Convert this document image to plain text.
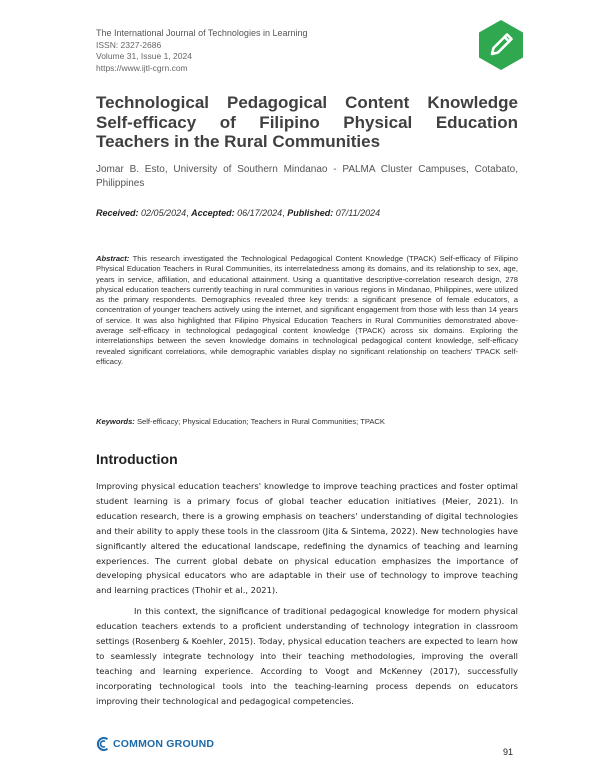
The International Journal of Technologies in Learning
ISSN: 2327-2686
Volume 31, Issue 1, 2024
https://www.ijtl-cgrn.com
Technological Pedagogical Content Knowledge Self-efficacy of Filipino Physical Education Teachers in the Rural Communities
Jomar B. Esto, University of Southern Mindanao - PALMA Cluster Campuses, Cotabato, Philippines
Received: 02/05/2024, Accepted: 06/17/2024, Published: 07/11/2024
Abstract: This research investigated the Technological Pedagogical Content Knowledge (TPACK) Self-efficacy of Filipino Physical Education Teachers in Rural Communities, its interrelatedness among its domains, and its relationship to sex, age, years in service, affiliation, and educational attainment. Using a quantitative descriptive-correlation research design, 278 physical education teachers currently teaching in rural communities in various regions in Mindanao, Philippines, were utilized as the primary respondents. Demographics revealed three key trends: a significant presence of female educators, a concentration of younger teachers actively using the internet, and significant engagement from those with less than 14 years of service. It was also highlighted that Filipino Physical Education Teachers in Rural Communities demonstrated above-average self-efficacy in technological pedagogical content knowledge (TPACK) across six domains. Exploring the interrelationships between the seven knowledge domains in technological pedagogical content knowledge, self-efficacy revealed significant correlations, while demographic variables display no significant relationship on teachers' TPACK self-efficacy.
Keywords: Self-efficacy; Physical Education; Teachers in Rural Communities; TPACK
Introduction

Improving physical education teachers' knowledge to improve teaching practices and foster optimal student learning is a primary focus of global teacher education initiatives (Meier, 2021). In education research, there is a growing emphasis on teachers' understanding of digital technologies and their ability to apply these tools in the classroom (Jita & Sintema, 2022). New technologies have significantly altered the educational landscape, redefining the dynamics of teaching and learning experiences. The current global debate on physical education emphasizes the importance of developing physical educators who are adaptable in their use of technology to improve teaching and learning practices (Thohir et al., 2021).

In this context, the significance of traditional pedagogical knowledge for modern physical education teachers extends to a proficient understanding of technology integration in classroom settings (Rosenberg & Koehler, 2015). Today, physical education teachers are expected to learn how to seamlessly integrate technology into their teaching methodologies, improving the overall teaching and learning experience. According to Voogt and McKenney (2017), successfully incorporating technological tools into the teaching-learning process depends on educators improving their technological and pedagogical competencies.

COMMON GROUND
91
